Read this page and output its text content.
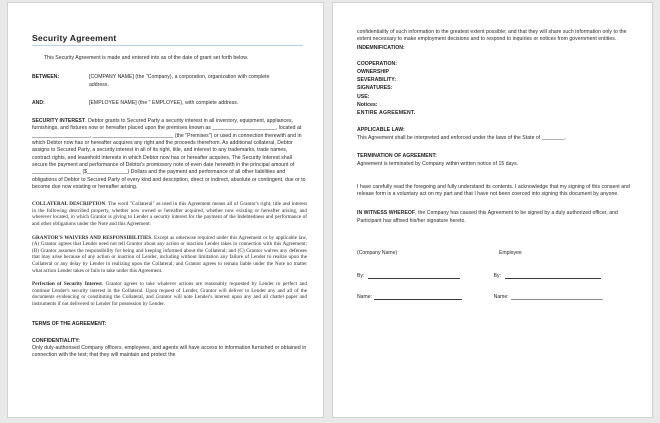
Security Agreement

This Security Agreement is made and entered into as of the date of grant set forth below.

BETWEEN:	[COMPANY NAME] (the "Company), a corporation, organization with complete address.
AND:	[EMPLOYEE NAME] (the " EMPLOYEE), with complete address.

SECURITY INTEREST. Debtor grants to Secured Party a security interest in all inventory, equipment, appliances, furnishings, and fixtures now or hereafter placed upon the premises known as ______________________, located at ____________________, ____________________________ (the "Premises") or used in connection therewith and in which Debtor now has or hereafter acquires any right and the proceeds therefrom. As additional collateral, Debtor assigns to Secured Party, a security interest in all of its right, title, and interest to any trademarks, trade names, contract rights, and leasehold interests in which Debtor now has or hereafter acquires. The Security Interest shall secure the payment and performance of Debtor's promissory note of even date herewith in the principal amount of _________________ ($______________) Dollars and the payment and performance of all other liabilities and obligations of Debtor to Secured Party of every kind and description, direct or indirect, absolute or contingent, due or to become due now existing or hereafter arising.

COLLATERAL DESCRIPTION. The word "Collateral" as used in this Agreement means all of Grantor's right, title and interest in the following described property, whether now owned or hereafter acquired, whether now existing or hereafter arising, and wherever located, in which Grantor is giving to Lender a security interest for the payment of the Indebtedness and performance of and other obligations under the Note and this Agreement:

GRANTOR'S WAIVERS AND RESPONSIBILITIES. Except as otherwise required under this Agreement or by applicable law, (A) Grantor agrees that Lender need not tell Grantor about any action or inaction Lender takes in connection with this Agreement; (B) Grantor assumes the responsibility for being and keeping informed about the Collateral; and (C) Grantor waives any defenses that may arise because of any action or inaction of Lender, including without limitation any failure of Lender to realize upon the Collateral or any delay by Lender in realizing upon the Collateral; and Grantor agrees to remain liable under the Note no matter what action Lender takes or fails to take under this Agreement.

Perfection of Security Interest. Grantor agrees to take whatever actions are reasonably requested by Lender to perfect and continue Lender's security interest in the Collateral. Upon request of Lender, Grantor will deliver to Lender any and all of the documents evidencing or constituting the Collateral, and Grantor will note Lender's interest upon any and all chattel paper and instruments if not delivered to Lender for possession by Lender.

TERMS OF THE AGREEMENT:

CONFIDENTIALITY:

Only duly-authorised Company officers, employees, and agents will have access to information furnished or obtained in connection with the test; that they will maintain and protect the

confidentiality of such information to the greatest extent possible; and that they will share such information only to the extent necessary to make employment decisions and to respond to inquiries or notices from government entities.

INDEMNIFICATION:

COOPERATION:

OWNERSHIP

SEVERABILITY:

SIGNATURES:

USE:

Notices:

ENTIRE AGREEMENT.

APPLICABLE LAW:

This Agreement shall be interpreted and enforced under the laws of the State of ________.

TERMINATION OF AGREEMENT:

Agreement is terminated by Company within written notice of 15 days.

I have carefully read the foregoing and fully understand its contents. I acknowledge that my signing of this consent and release form is a voluntary act on my part and that I have not been coerced into signing this document by anyone.

IN WITNESS WHEREOF, the Company has caused this Agreement to be signed by a duly authorized officer, and Participant has affixed his/her signature hereto.

(Company Name)	Employee
By:	By:
Name:	Name:
